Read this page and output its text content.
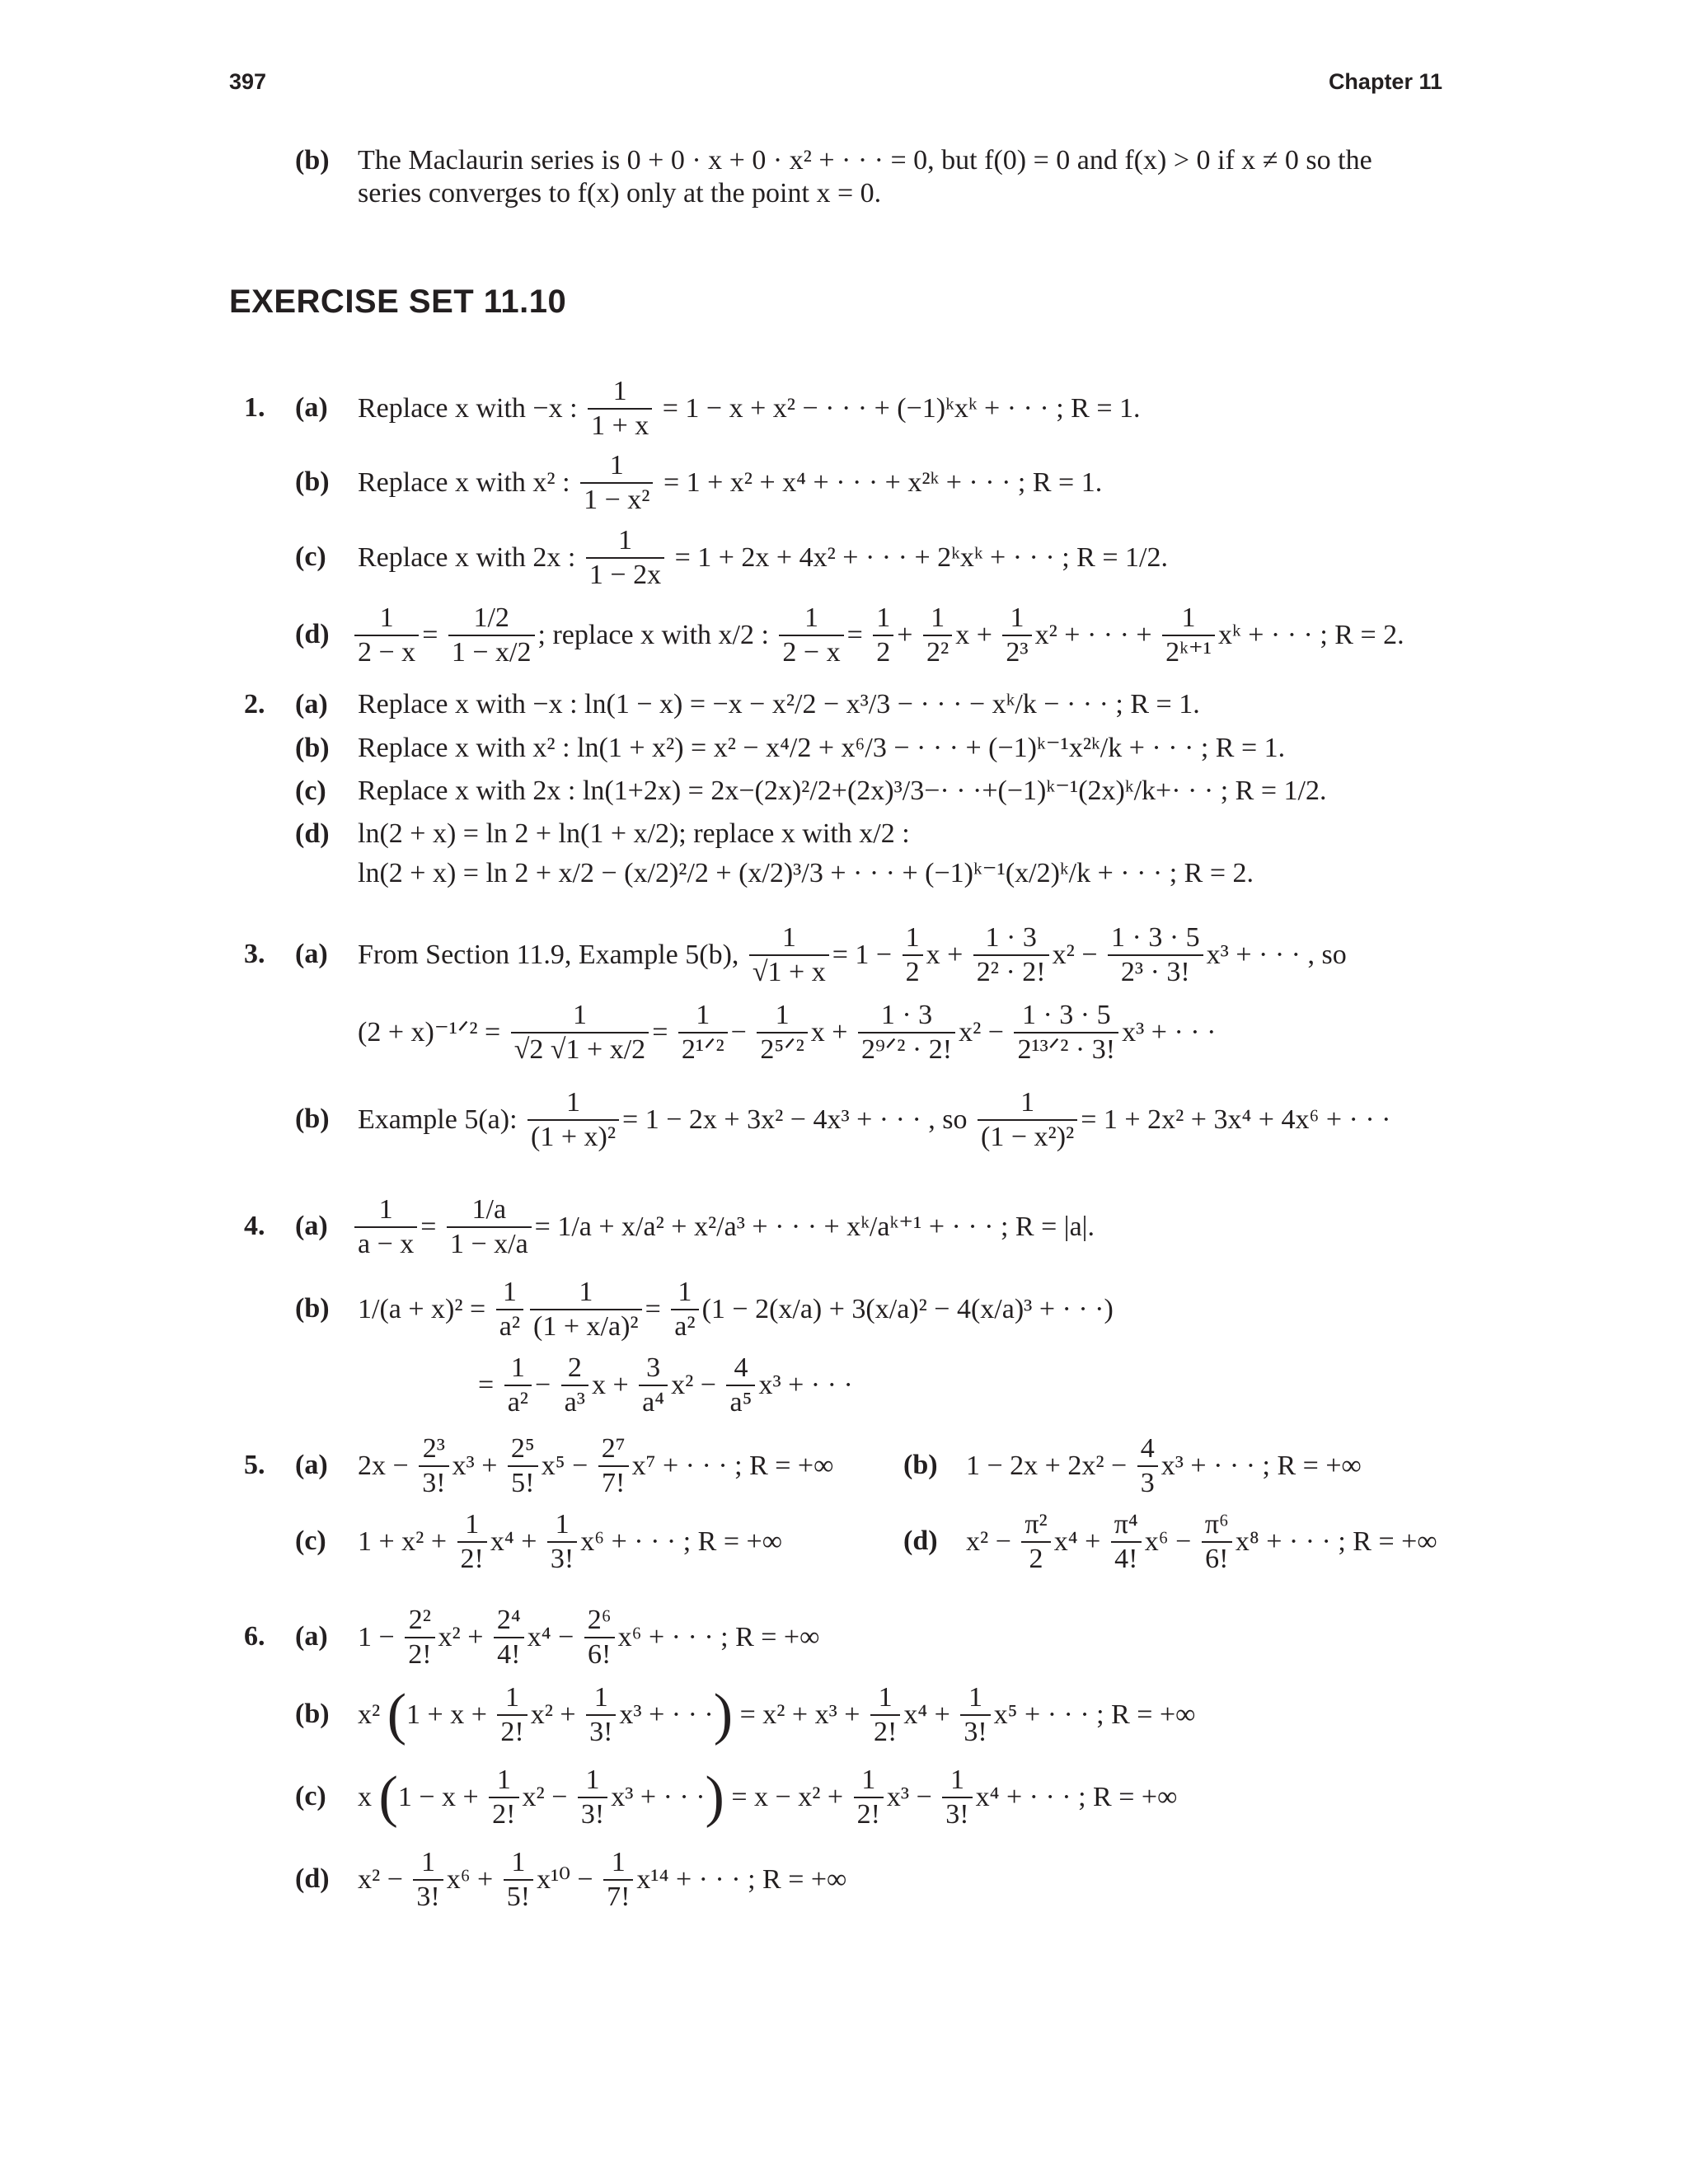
397	Chapter 11
(b) The Maclaurin series is 0 + 0 · x + 0 · x² + · · · = 0, but f(0) = 0 and f(x) > 0 if x ≠ 0 so the
series converges to f(x) only at the point x = 0.
EXERCISE SET 11.10
1. (a) Replace x with −x : $\frac{1}{1 + x} = 1 - x + x^2$ − · · · + (−1)ᵏxᵏ + · · · ; R = 1.
(b) Replace x with x² : $\frac{1}{\text{1 − x²}} = 1 + x^2 + x^4$ + · · · + x²ᵏ + · · · ; R = 1.
(c) Replace x with 2x : $\frac{1}{1 - 2x} = 1 + 2x + 4x^2$ + · · · + 2ᵏxᵏ + · · · ; R = 1/2.
$(d) \frac{1}{2 - x} = \frac{1/2}{1 - x/2}$ ; replace x with x/2 : $\frac{1}{2 - x} = \frac{1}{2} + \frac{1}{\text{2²}}$ $x + \frac{1}{\text{2³}} x^2$ + · · · + $\frac{1}{\text{2ᵏ⁺¹}}$ xᵏ + · · · ; R = 2.
2. (a) Replace x with −x : ln(1 − x) = −x − x²/2 − x³/3 − · · · − xᵏ/k − · · · ; R = 1.
(b) Replace x with x² : ln(1 + x²) = x² − x⁴/2 + x⁶/3 − · · · + (−1)ᵏ⁻¹x²ᵏ/k + · · · ; R = 1.
(c) Replace x with 2x : ln(1+2x) = 2x−(2x)²/2+(2x)³/3−· · ·+(−1)ᵏ⁻¹(2x)ᵏ/k+· · · ; R = 1/2.
(d) ln(2 + x) = ln 2 + ln(1 + x/2); replace x with x/2 :
ln(2 + x) = ln 2 + x/2 − (x/2)²/2 + (x/2)³/3 + · · · + (−1)ᵏ⁻¹(x/2)ᵏ/k + · · · ; R = 2.
3. (a) From Section 11.9, Example 5(b), $\frac{1}{√1 + x} = 1 - \frac{1}{2}$ $x + \frac{1 \cdot 3}{\text{2² · 2!}} x^2 - \frac{1 \cdot 3 \cdot 5}{\text{2³ · 3!}} x^3$ + · · · , so
(2 + x)⁻¹ᐟ² = $\frac{1}{√2 √1 + x/2} = \frac{1}{\text{2¹ᐟ²}} - \frac{1}{\text{2⁵ᐟ²}}$ $x + \frac{1 \cdot 3}{\text{2⁹ᐟ² · 2!}} x^2 - \frac{1 \cdot 3 \cdot 5}{\text{2¹³ᐟ² · 3!}} x^3$ + · · ·
(b) Example 5(a): $\frac{1}{\text{(1 + x)²}} = 1 - 2x + 3x^2 - 4x^3$ + · · · , so $\frac{1}{\text{(1 − x²)²}} = 1 + 2x^2 + 3x^4 + 4x^6$ + · · ·
4. $(a) \frac{1}{a - x} = \frac{1/a}{1 - x/a} = 1/a + x/a^2 + x^2/a^3$ + · · · + xᵏ/aᵏ⁺¹ + · · · ; R = |a|.
(b) $1/(a + x)^2 = \frac{1}{\text{a²}} \frac{1}{\text{(1 + x/a)²}} = \frac{1}{\text{a²}} (1 - 2(x/a) + 3(x/a)^2 - 4(x/a)^3$ + · · ·)
= $\frac{1}{\text{a²}} - \frac{2}{\text{a³}}$ $x + \frac{3}{\text{a⁴}} x^2 - \frac{4}{\text{a⁵}} x^3$ + · · ·
5. (a) $2x - \frac{\text{2³}}{3!} x^3 + \frac{\text{2⁵}}{5!} x^5 - \frac{\text{2⁷}}{7!} x^7$ + · · · ; R = +∞ (b) $1 - 2x + 2x^2 - \frac{4}{3} x^3$ + · · · ; R = +∞
(c) $1 + x^2 + \frac{1}{2!} x^4 + \frac{1}{3!} x^6$ + · · · ; R = +∞	(d) $x^2 - \frac{\text{π²}}{2} x^4 + \frac{\text{π⁴}}{4!} x^6 - \frac{\text{π⁶}}{6!} x^8$ + · · · ; R = +∞
6. (a) $1 - \frac{\text{2²}}{2!} x^2 + \frac{\text{2⁴}}{4!} x^4 - \frac{\text{2⁶}}{6!} x^6$ + · · · ; R = +∞
(b) x² ($1 + x + \frac{1}{2!} x^2 + \frac{1}{3!} x^3$ + · · ·) = $x^2 + x^3 + \frac{1}{2!} x^4 + \frac{1}{3!} x^5$ + · · · ; R = +∞
(c) x ($1 - x + \frac{1}{2!} x^2 - \frac{1}{3!} x^3$ + · · ·) = $x - x^2 + \frac{1}{2!} x^3 - \frac{1}{3!} x^4$ + · · · ; R = +∞
(d) $x^2 - \frac{1}{3!} x^6 + \frac{1}{5!} x^{10} - \frac{1}{7!} x^{14}$ + · · · ; R = +∞
